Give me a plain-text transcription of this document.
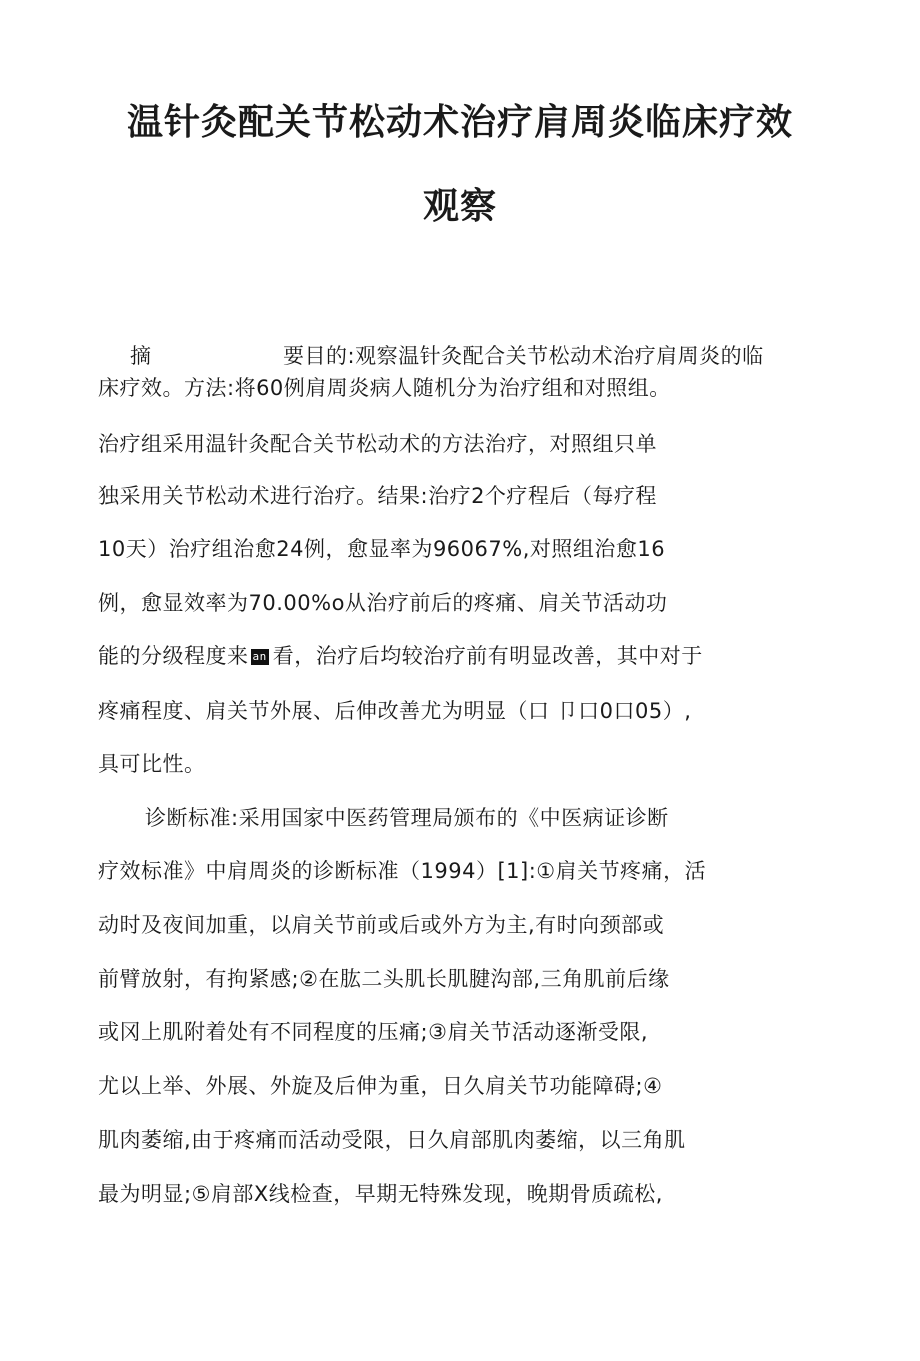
温针灸配关节松动术治疗肩周炎临床疗效
观察
摘	要目的:观察温针灸配合关节松动术治疗肩周炎的临
床疗效。方法:将60例肩周炎病人随机分为治疗组和对照组。
治疗组采用温针灸配合关节松动术的方法治疗，对照组只单
独采用关节松动术进行治疗。结果:治疗2个疗程后（每疗程
10天）治疗组治愈24例，愈显率为96067%,对照组治愈16
例，愈显效率为70.00%o从治疗前后的疼痛、肩关节活动功
能的分级程度来 an 看，治疗后均较治疗前有明显改善，其中对于
疼痛程度、肩关节外展、后伸改善尤为明显（口 卩口0口05）,
具可比性。
诊断标准:采用国家中医药管理局颁布的《中医病证诊断
疗效标准》中肩周炎的诊断标准（1994）[1]:①肩关节疼痛，活
动时及夜间加重，以肩关节前或后或外方为主,有时向颈部或
前臂放射，有拘紧感;②在肱二头肌长肌腱沟部,三角肌前后缘
或冈上肌附着处有不同程度的压痛;③肩关节活动逐渐受限,
尤以上举、外展、外旋及后伸为重，日久肩关节功能障碍;④
肌肉萎缩,由于疼痛而活动受限，日久肩部肌肉萎缩，以三角肌
最为明显;⑤肩部X线检查，早期无特殊发现，晚期骨质疏松,
